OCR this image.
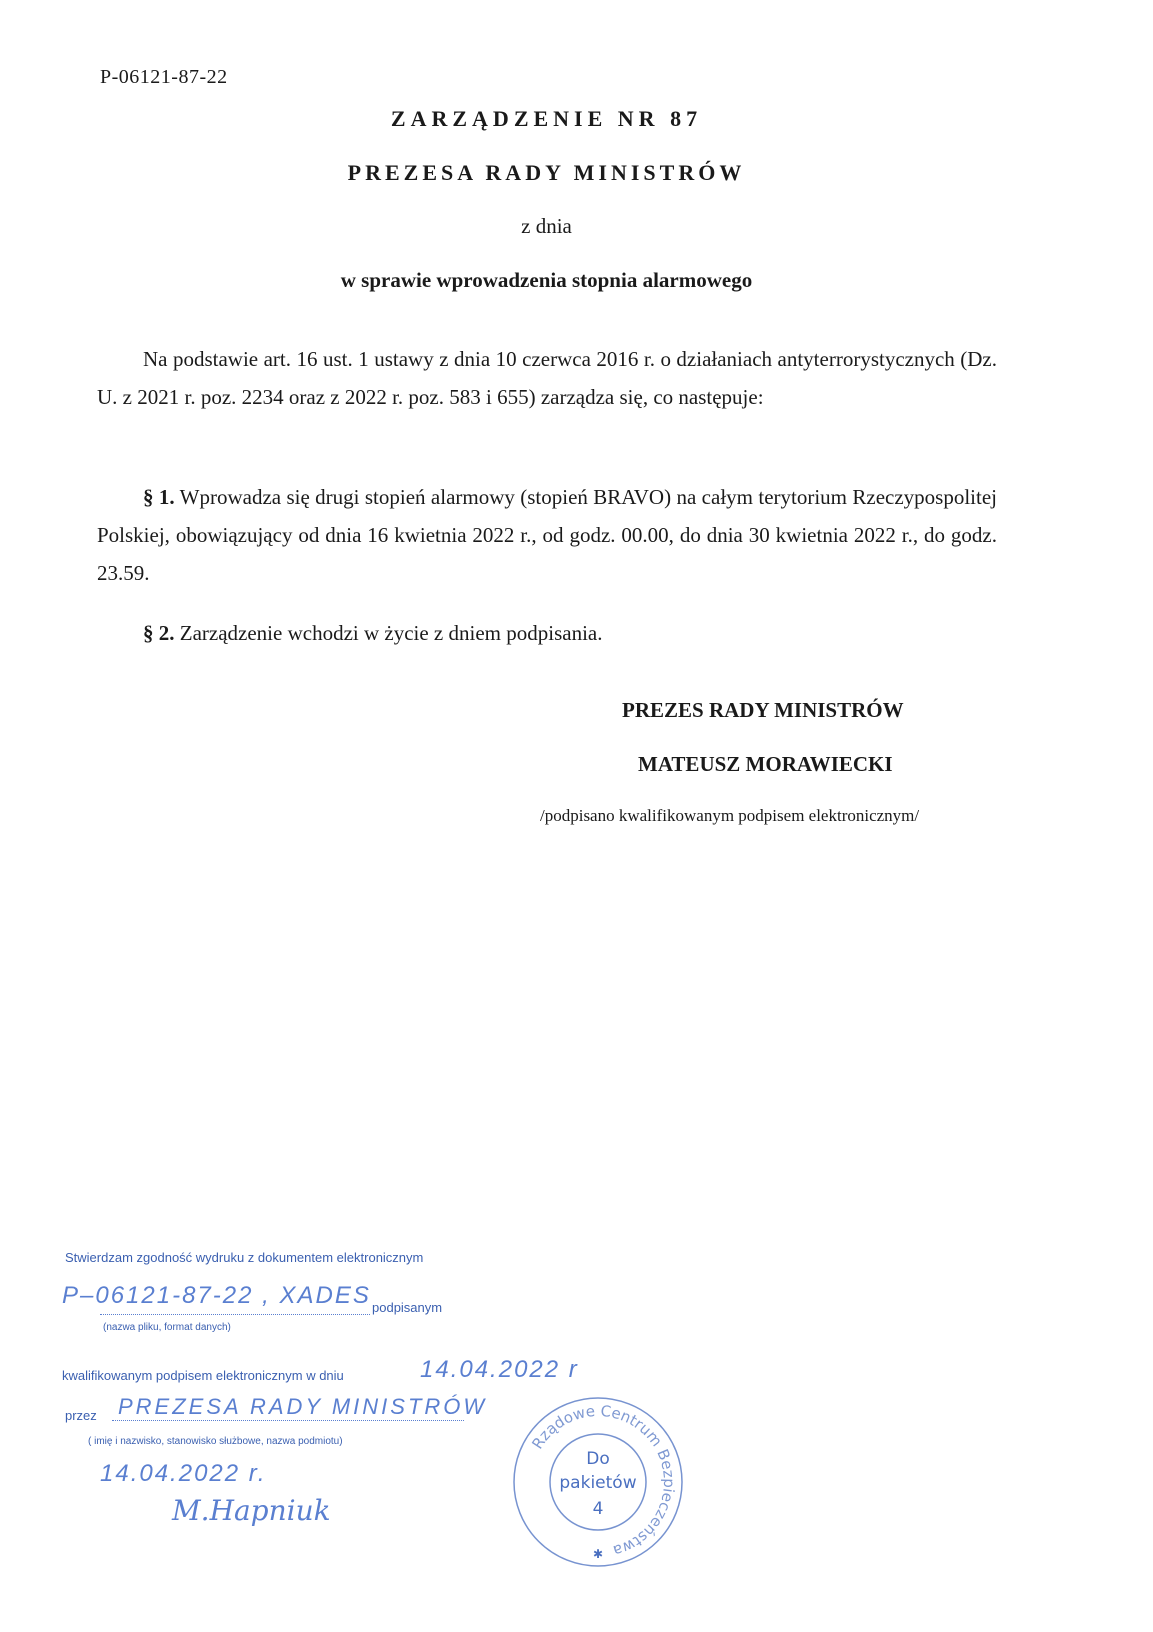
P-06121-87-22
ZARZĄDZENIE NR 87
PREZESA RADY MINISTRÓW
z dnia
w sprawie wprowadzenia stopnia alarmowego

Na podstawie art. 16 ust. 1 ustawy z dnia 10 czerwca 2016 r. o działaniach antyterrorystycznych (Dz. U. z 2021 r. poz. 2234 oraz z 2022 r. poz. 583 i 655) zarządza się, co następuje:

§ 1. Wprowadza się drugi stopień alarmowy (stopień BRAVO) na całym terytorium Rzeczypospolitej Polskiej, obowiązujący od dnia 16 kwietnia 2022 r., od godz. 00.00, do dnia 30 kwietnia 2022 r., do godz. 23.59.

§ 2. Zarządzenie wchodzi w życie z dniem podpisania.

PREZES RADY MINISTRÓW
MATEUSZ MORAWIECKI
/podpisano kwalifikowanym podpisem elektronicznym/
Stwierdzam zgodność wydruku z dokumentem elektronicznym
P–06121-87-22 , XADES podpisanym
(nazwa pliku, format danych)
kwalifikowanym podpisem elektronicznym w dniu	14.04.2022 r
przez PREZESA RADY MINISTRÓW
( imię i nazwisko, stanowisko służbowe, nazwa podmiotu)
14.04.2022 r.
M.Hapniuk
Rządowe Centrum Bezpieczeństwa
Do
pakietów
4
✱
